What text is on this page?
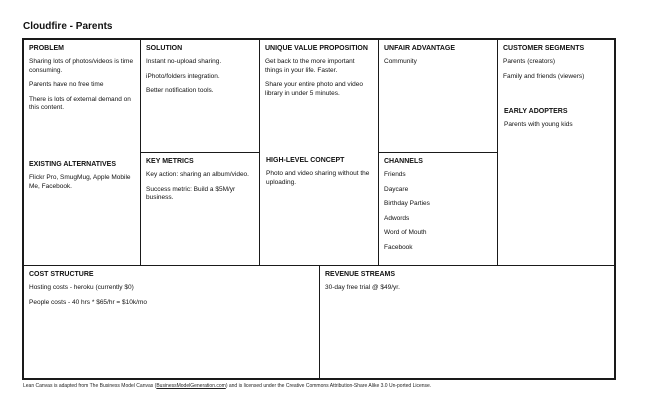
Cloudfire - Parents
PROBLEM

Sharing lots of photos/videos is time consuming.

Parents have no free time

There is lots of external demand on this content.

EXISTING ALTERNATIVES

Flickr Pro, SmugMug, Apple Mobile Me, Facebook.

SOLUTION

Instant no-upload sharing.

iPhoto/folders integration.

Better notification tools.

KEY METRICS

Key action: sharing an album/video.

Success metric: Build a $5M/yr business.

UNIQUE VALUE PROPOSITION

Get back to the more important things in your life. Faster.

Share your entire photo and video library in under 5 minutes.

HIGH-LEVEL CONCEPT

Photo and video sharing without the uploading.

UNFAIR ADVANTAGE

Community

CHANNELS

Friends

Daycare

Birthday Parties

Adwords

Word of Mouth

Facebook

CUSTOMER SEGMENTS

Parents (creators)

Family and friends (viewers)

EARLY ADOPTERS

Parents with young kids

COST STRUCTURE

Hosting costs - heroku (currently $0)

People costs - 40 hrs * $65/hr = $10k/mo

REVENUE STREAMS

30-day free trial @ $49/yr.

Lean Canvas is adapted from The Business Model Canvas (BusinessModelGeneration.com) and is licensed under the Creative Commons Attribution-Share Alike 3.0 Un-ported License.
